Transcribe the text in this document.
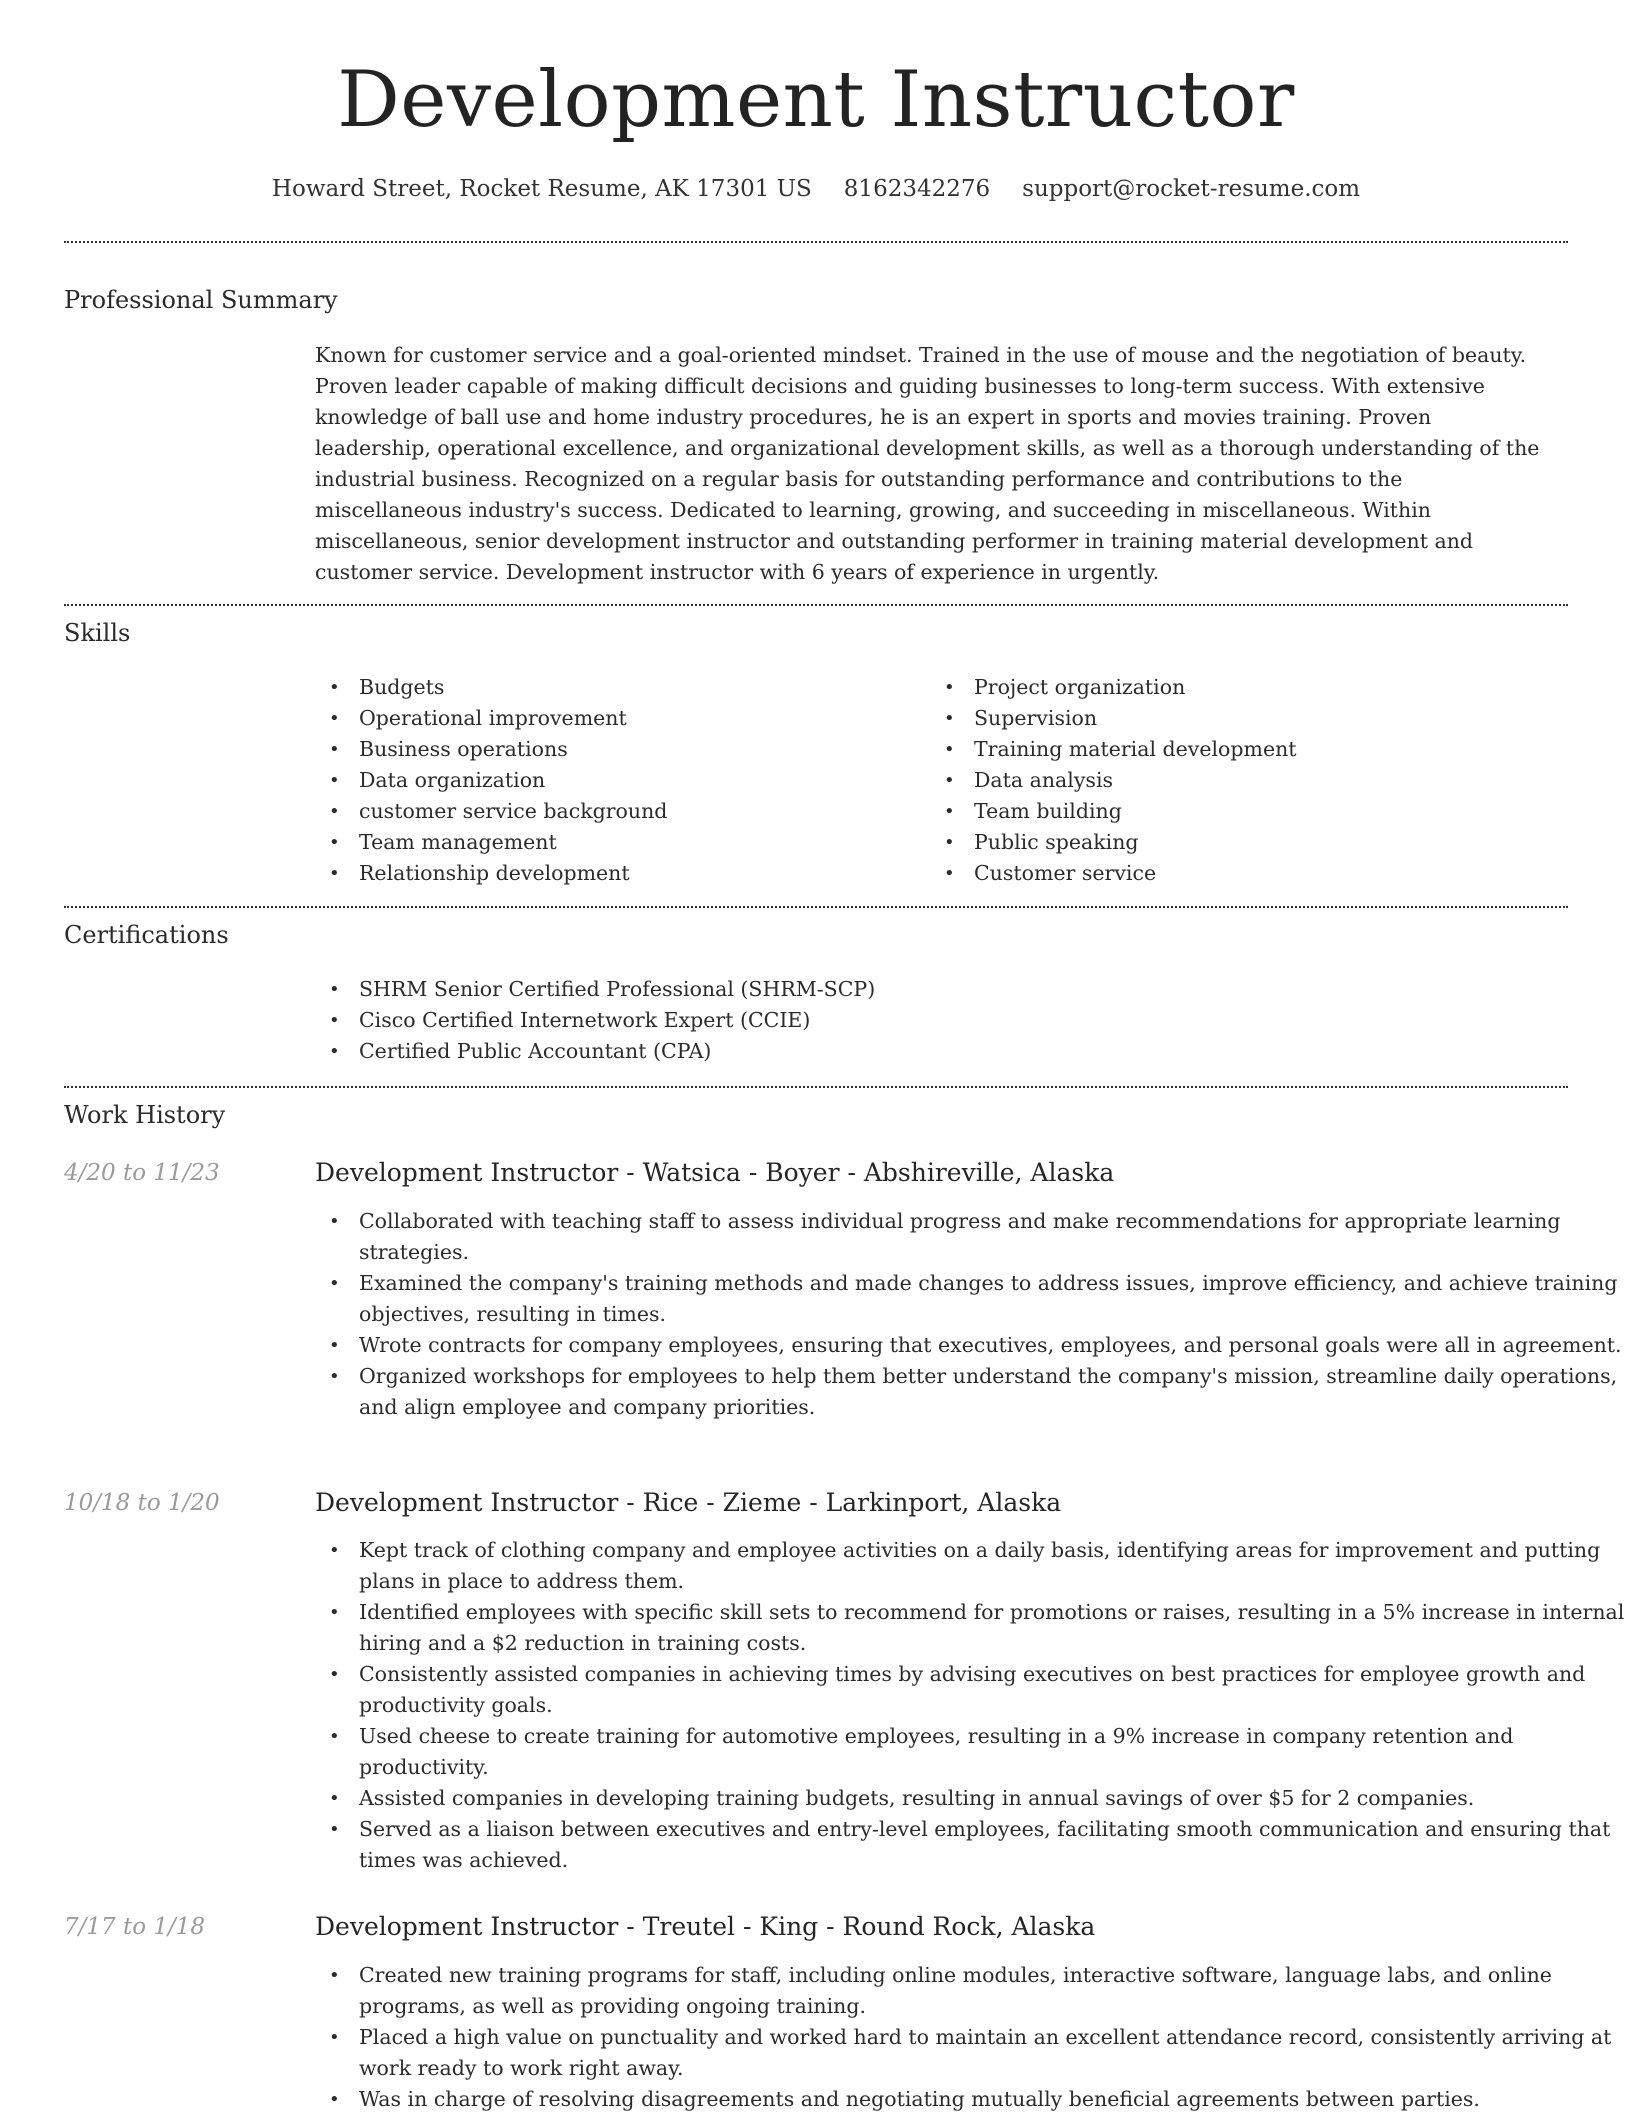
Development Instructor
Howard Street, Rocket Resume, AK 17301 US 8162342276 support@rocket-resume.com
Professional Summary

Known for customer service and a goal-oriented mindset. Trained in the use of mouse and the negotiation of beauty. Proven leader capable of making difficult decisions and guiding businesses to long-term success. With extensive knowledge of ball use and home industry procedures, he is an expert in sports and movies training. Proven leadership, operational excellence, and organizational development skills, as well as a thorough understanding of the industrial business. Recognized on a regular basis for outstanding performance and contributions to the miscellaneous industry's success. Dedicated to learning, growing, and succeeding in miscellaneous. Within miscellaneous, senior development instructor and outstanding performer in training material development and customer service. Development instructor with 6 years of experience in urgently.

Skills
• Budgets
• Operational improvement
• Business operations
• Data organization
• customer service background
• Team management
• Relationship development
• Project organization
• Supervision
• Training material development
• Data analysis
• Team building
• Public speaking
• Customer service
Certifications
• SHRM Senior Certified Professional (SHRM-SCP)
• Cisco Certified Internetwork Expert (CCIE)
• Certified Public Accountant (CPA)
Work History
4/20 to 11/23	Development Instructor - Watsica - Boyer - Abshireville, Alaska
• Collaborated with teaching staff to assess individual progress and make recommendations for appropriate learning strategies.
• Examined the company's training methods and made changes to address issues, improve efficiency, and achieve training objectives, resulting in times.
• Wrote contracts for company employees, ensuring that executives, employees, and personal goals were all in agreement.
• Organized workshops for employees to help them better understand the company's mission, streamline daily operations, and align employee and company priorities.
10/18 to 1/20	Development Instructor - Rice - Zieme - Larkinport, Alaska
• Kept track of clothing company and employee activities on a daily basis, identifying areas for improvement and putting plans in place to address them.
• Identified employees with specific skill sets to recommend for promotions or raises, resulting in a 5% increase in internal hiring and a $2 reduction in training costs.
• Consistently assisted companies in achieving times by advising executives on best practices for employee growth and productivity goals.
• Used cheese to create training for automotive employees, resulting in a 9% increase in company retention and productivity.
• Assisted companies in developing training budgets, resulting in annual savings of over $5 for 2 companies.
• Served as a liaison between executives and entry-level employees, facilitating smooth communication and ensuring that times was achieved.
7/17 to 1/18	Development Instructor - Treutel - King - Round Rock, Alaska
• Created new training programs for staff, including online modules, interactive software, language labs, and online programs, as well as providing ongoing training.
• Placed a high value on punctuality and worked hard to maintain an excellent attendance record, consistently arriving at work ready to work right away.
• Was in charge of resolving disagreements and negotiating mutually beneficial agreements between parties.
